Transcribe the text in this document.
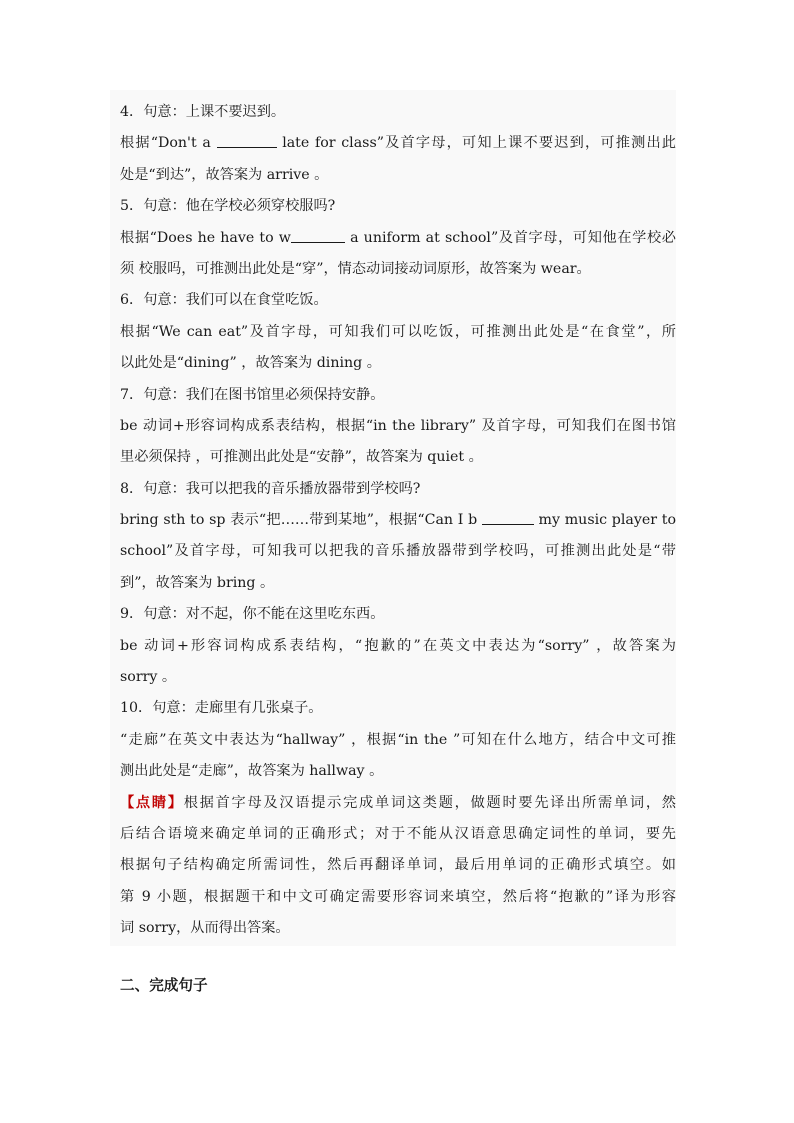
4．句意：上课不要迟到。
根据“Don't a	late for class”及首字母，可知上课不要迟到，可推测出此
处是“到达”，故答案为 arrive 。
5．句意：他在学校必须穿校服吗?
根据“Does he have to w	a uniform at school”及首字母，可知他在学校必
须 校服吗，可推测出此处是“穿”，情态动词接动词原形，故答案为 wear。
6．句意：我们可以在食堂吃饭。
根据“We can eat”及首字母，可知我们可以吃饭，可推测出此处是“在食堂”，所
以此处是“dining” ，故答案为 dining 。
7．句意：我们在图书馆里必须保持安静。
be 动词+形容词构成系表结构，根据“in the library” 及首字母，可知我们在图书馆
里必须保持 ，可推测出此处是“安静”，故答案为 quiet 。
8．句意：我可以把我的音乐播放器带到学校吗?
bring sth to sp 表示“把……带到某地”，根据“Can I b	my music player to
school”及首字母，可知我可以把我的音乐播放器带到学校吗，可推测出此处是“带
到”，故答案为 bring 。
9．句意：对不起，你不能在这里吃东西。
be 动词+形容词构成系表结构，“抱歉的”在英文中表达为“sorry” ，故答案为
sorry 。
10．句意：走廊里有几张桌子。
“走廊”在英文中表达为“hallway” ，根据“in the ”可知在什么地方，结合中文可推
测出此处是“走廊”，故答案为 hallway 。
【点睛】根据首字母及汉语提示完成单词这类题，做题时要先译出所需单词，然
后结合语境来确定单词的正确形式；对于不能从汉语意思确定词性的单词，要先
根据句子结构确定所需词性，然后再翻译单词，最后用单词的正确形式填空。如
第 9 小题，根据题干和中文可确定需要形容词来填空，然后将“抱歉的”译为形容
词 sorry，从而得出答案。
二、完成句子
